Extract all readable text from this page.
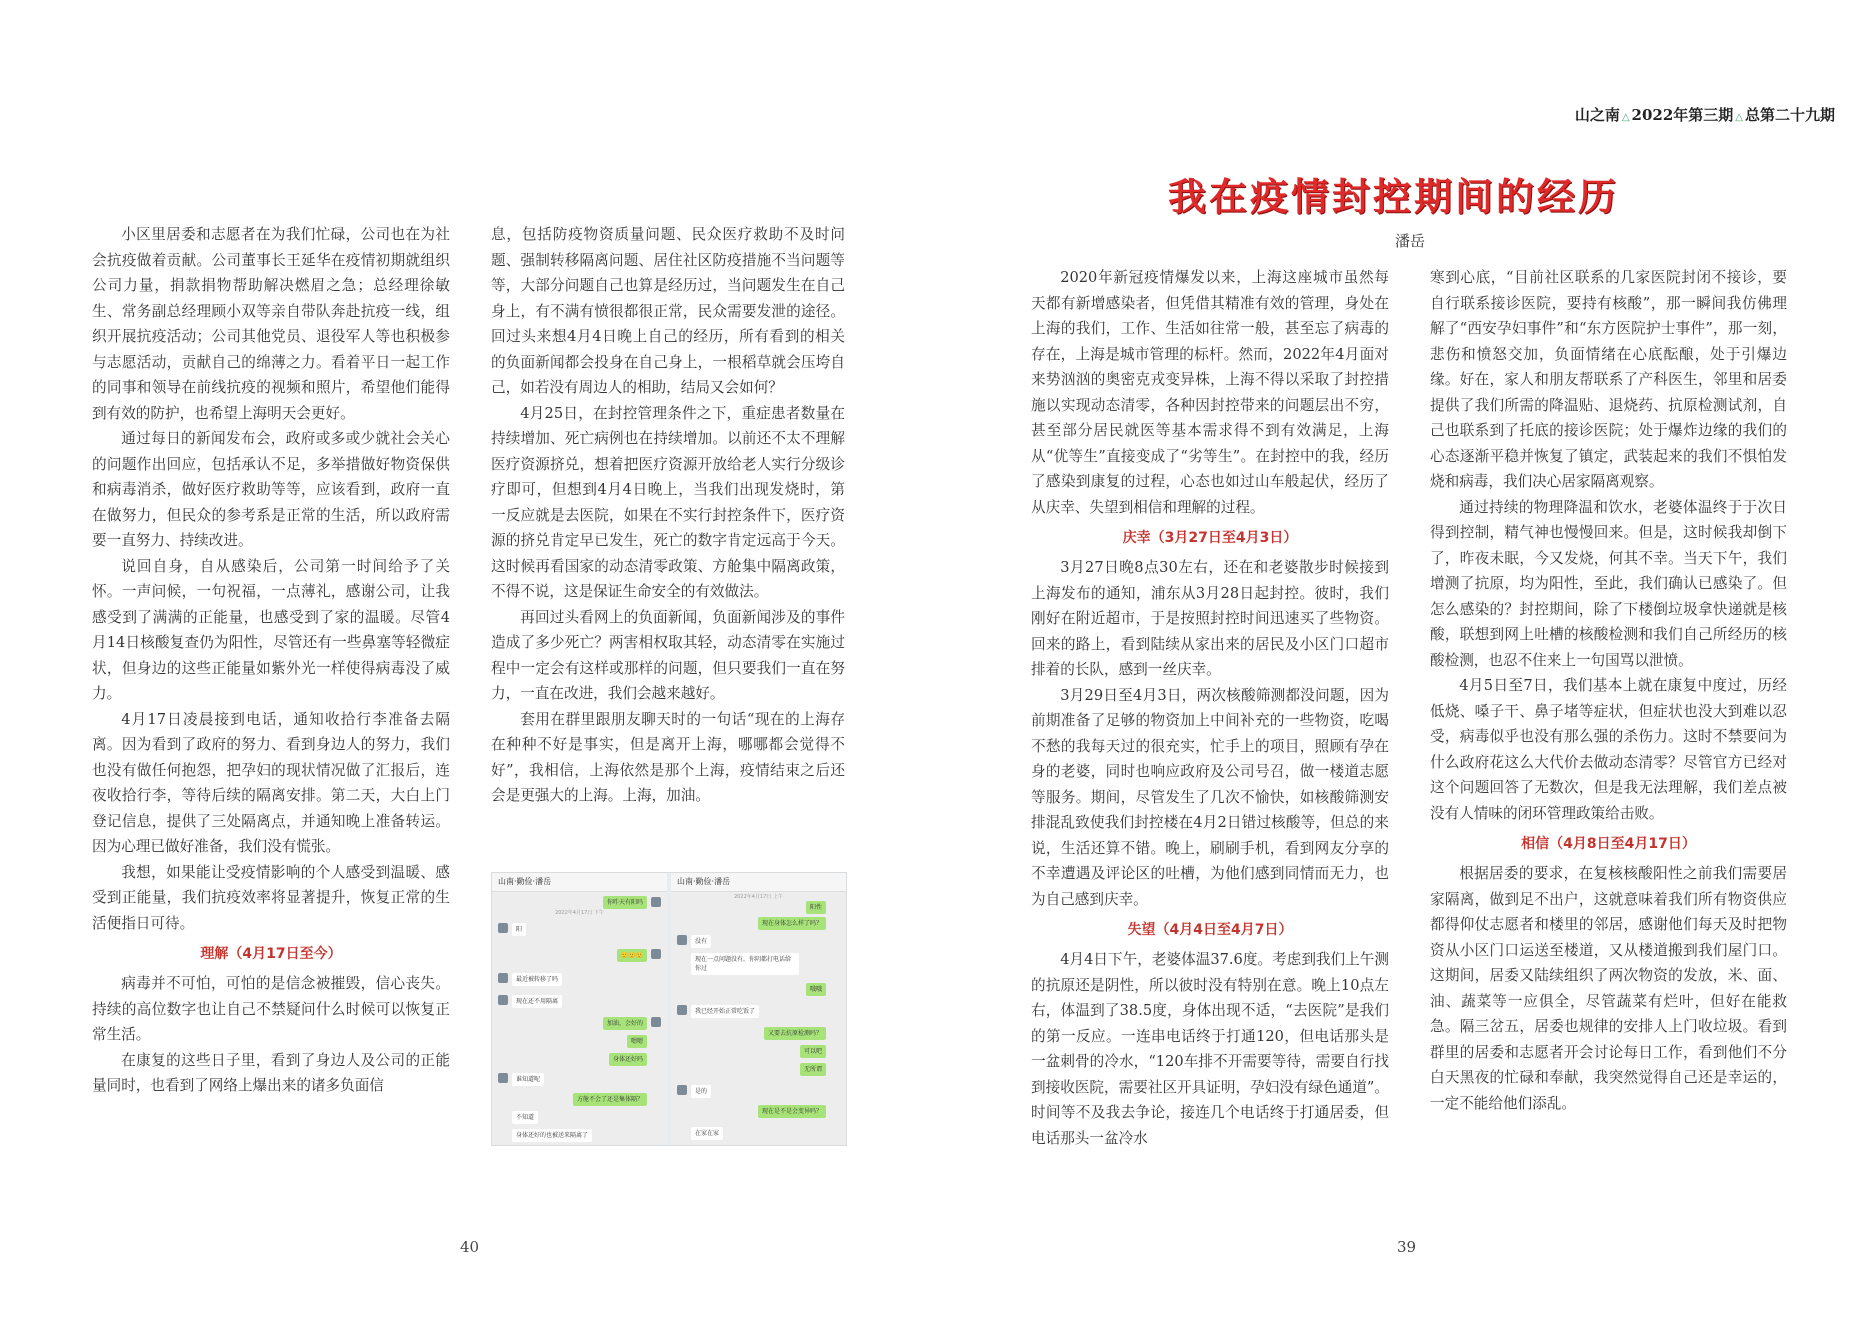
山之南 △ 2022年第三期 △ 总第二十九期
我在疫情封控期间的经历
潘岳

小区里居委和志愿者在为我们忙碌，公司也在为社会抗疫做着贡献。公司董事长王延华在疫情初期就组织公司力量，捐款捐物帮助解决燃眉之急；总经理徐敏生、常务副总经理顾小双等亲自带队奔赴抗疫一线，组织开展抗疫活动；公司其他党员、退役军人等也积极参与志愿活动，贡献自己的绵薄之力。看着平日一起工作的同事和领导在前线抗疫的视频和照片，希望他们能得到有效的防护，也希望上海明天会更好。

通过每日的新闻发布会，政府或多或少就社会关心的问题作出回应，包括承认不足，多举措做好物资保供和病毒消杀，做好医疗救助等等，应该看到，政府一直在做努力，但民众的参考系是正常的生活，所以政府需要一直努力、持续改进。

说回自身，自从感染后，公司第一时间给予了关怀。一声问候，一句祝福，一点薄礼，感谢公司，让我感受到了满满的正能量，也感受到了家的温暖。尽管4月14日核酸复查仍为阳性，尽管还有一些鼻塞等轻微症状，但身边的这些正能量如紫外光一样使得病毒没了威力。

4月17日凌晨接到电话，通知收拾行李准备去隔离。因为看到了政府的努力、看到身边人的努力，我们也没有做任何抱怨，把孕妇的现状情况做了汇报后，连夜收拾行李，等待后续的隔离安排。第二天，大白上门登记信息，提供了三处隔离点，并通知晚上准备转运。因为心理已做好准备，我们没有慌张。

我想，如果能让受疫情影响的个人感受到温暖、感受到正能量，我们抗疫效率将显著提升，恢复正常的生活便指日可待。

理解（4月17日至今）

病毒并不可怕，可怕的是信念被摧毁，信心丧失。持续的高位数字也让自己不禁疑问什么时候可以恢复正常生活。

在康复的这些日子里，看到了身边人及公司的正能量同时，也看到了网络上爆出来的诸多负面信

息，包括防疫物资质量问题、民众医疗救助不及时问题、强制转移隔离问题、居住社区防疫措施不当问题等等，大部分问题自己也算是经历过，当问题发生在自己身上，有不满有愤很都很正常，民众需要发泄的途径。回过头来想4月4日晚上自己的经历，所有看到的相关的负面新闻都会投身在自己身上，一根稻草就会压垮自己，如若没有周边人的相助，结局又会如何？

4月25日，在封控管理条件之下，重症患者数量在持续增加、死亡病例也在持续增加。以前还不太不理解医疗资源挤兑，想着把医疗资源开放给老人实行分级诊疗即可，但想到4月4日晚上，当我们出现发烧时，第一反应就是去医院，如果在不实行封控条件下，医疗资源的挤兑肯定早已发生，死亡的数字肯定远高于今天。这时候再看国家的动态清零政策、方舱集中隔离政策，不得不说，这是保证生命安全的有效做法。

再回过头看网上的负面新闻，负面新闻涉及的事件造成了多少死亡？两害相权取其轻，动态清零在实施过程中一定会有这样或那样的问题，但只要我们一直在努力，一直在改进，我们会越来越好。

套用在群里跟朋友聊天时的一句话“现在的上海存在种种不好是事实，但是离开上海，哪哪都会觉得不好”，我相信，上海依然是那个上海，疫情结束之后还会是更强大的上海。上海，加油。

山南·勤俭·潘岳
2022年4月17日 下午
你昨天有阳吗
阳
🙂🙂🙂
最近被转移了吗
现在还不用隔离
加油，会好的
嗯嗯
身体还好吗
谁知道呢
方舱不会了还是集体隔？
不知道
身体还好的也被送来隔离了
山南·勤俭·潘岳
2022年4月17日 上午
阳性
现在身体怎么样了吗？
没有
现在一点问题没有，你阴都打电话给你过
哦哦
我已经开始正常吃饭了
又要去抗原检测吗？
可以吧
无所谓
是的
现在是不是会变异吗？
在家在家

2020年新冠疫情爆发以来，上海这座城市虽然每天都有新增感染者，但凭借其精准有效的管理，身处在上海的我们，工作、生活如往常一般，甚至忘了病毒的存在，上海是城市管理的标杆。然而，2022年4月面对来势汹汹的奥密克戎变异株，上海不得以采取了封控措施以实现动态清零，各种因封控带来的问题层出不穷，甚至部分居民就医等基本需求得不到有效满足，上海从“优等生”直接变成了“劣等生”。在封控中的我，经历了感染到康复的过程，心态也如过山车般起伏，经历了从庆幸、失望到相信和理解的过程。

庆幸（3月27日至4月3日）

3月27日晚8点30左右，还在和老婆散步时候接到上海发布的通知，浦东从3月28日起封控。彼时，我们刚好在附近超市，于是按照封控时间迅速买了些物资。回来的路上，看到陆续从家出来的居民及小区门口超市排着的长队，感到一丝庆幸。

3月29日至4月3日，两次核酸筛测都没问题，因为前期准备了足够的物资加上中间补充的一些物资，吃喝不愁的我每天过的很充实，忙手上的项目，照顾有孕在身的老婆，同时也响应政府及公司号召，做一楼道志愿等服务。期间，尽管发生了几次不愉快，如核酸筛测安排混乱致使我们封控楼在4月2日错过核酸等，但总的来说，生活还算不错。晚上，刷刷手机，看到网友分享的不幸遭遇及评论区的吐槽，为他们感到同情而无力，也为自己感到庆幸。

失望（4月4日至4月7日）

4月4日下午，老婆体温37.6度。考虑到我们上午测的抗原还是阴性，所以彼时没有特别在意。晚上10点左右，体温到了38.5度，身体出现不适，“去医院”是我们的第一反应。一连串电话终于打通120，但电话那头是一盆刺骨的冷水，“120车排不开需要等待，需要自行找到接收医院，需要社区开具证明，孕妇没有绿色通道”。时间等不及我去争论，接连几个电话终于打通居委，但电话那头一盆冷水

寒到心底，“目前社区联系的几家医院封闭不接诊，要自行联系接诊医院，要持有核酸”，那一瞬间我仿佛理解了“西安孕妇事件”和“东方医院护士事件”，那一刻，悲伤和愤怒交加，负面情绪在心底酝酿，处于引爆边缘。好在，家人和朋友帮联系了产科医生，邻里和居委提供了我们所需的降温贴、退烧药、抗原检测试剂，自己也联系到了托底的接诊医院；处于爆炸边缘的我们的心态逐渐平稳并恢复了镇定，武装起来的我们不惧怕发烧和病毒，我们决心居家隔离观察。

通过持续的物理降温和饮水，老婆体温终于于次日得到控制，精气神也慢慢回来。但是，这时候我却倒下了，昨夜未眠，今又发烧，何其不幸。当天下午，我们增测了抗原，均为阳性，至此，我们确认已感染了。但怎么感染的？封控期间，除了下楼倒垃圾拿快递就是核酸，联想到网上吐槽的核酸检测和我们自己所经历的核酸检测，也忍不住来上一句国骂以泄愤。

4月5日至7日，我们基本上就在康复中度过，历经低烧、嗓子干、鼻子堵等症状，但症状也没大到难以忍受，病毒似乎也没有那么强的杀伤力。这时不禁要问为什么政府花这么大代价去做动态清零？尽管官方已经对这个问题回答了无数次，但是我无法理解，我们差点被没有人情味的闭环管理政策给击败。

相信（4月8日至4月17日）

根据居委的要求，在复核核酸阳性之前我们需要居家隔离，做到足不出户，这就意味着我们所有物资供应都得仰仗志愿者和楼里的邻居，感谢他们每天及时把物资从小区门口运送至楼道，又从楼道搬到我们屋门口。这期间，居委又陆续组织了两次物资的发放，米、面、油、蔬菜等一应俱全，尽管蔬菜有烂叶，但好在能救急。隔三岔五，居委也规律的安排人上门收垃圾。看到群里的居委和志愿者开会讨论每日工作，看到他们不分白天黑夜的忙碌和奉献，我突然觉得自己还是幸运的，一定不能给他们添乱。

40	39
